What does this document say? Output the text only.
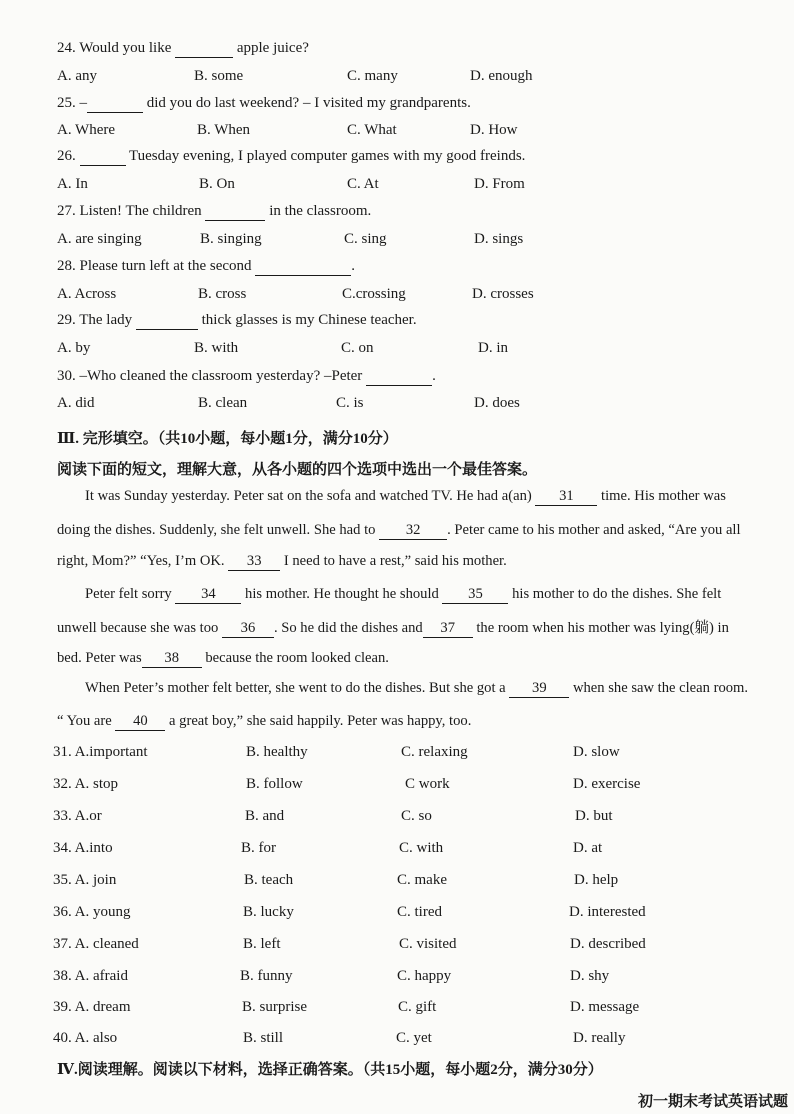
24. Would you like	apple juice?
A. any	B. some	C. many	D. enough
25. –	did you do last weekend? – I visited my grandparents.
A. Where	B. When	C. What	D. How
26.	Tuesday evening, I played computer games with my good freinds.
A. In	B. On	C. At	D. From
27. Listen! The children	in the classroom.
A. are singing	B. singing	C. sing	D. sings
28. Please turn left at the second	.
A. Across	B. cross	C.crossing	D. crosses
29. The lady	thick glasses is my Chinese teacher.
A. by	B. with	C. on	D. in
30. –Who cleaned the classroom yesterday? –Peter	.
A. did	B. clean	C. is	D. does
Ⅲ. 完形填空。（共10小题，每小题1分，满分10分）
阅读下面的短文，理解大意，从各小题的四个选项中选出一个最佳答案。
It was Sunday yesterday. Peter sat on the sofa and watched TV. He had a(an) 31 time. His mother was
doing the dishes. Suddenly, she felt unwell. She had to 32 . Peter came to his mother and asked, “Are you all
right, Mom?” “Yes, I’m OK. 33 I need to have a rest,” said his mother.
Peter felt sorry 34 his mother. He thought he should 35 his mother to do the dishes. She felt
unwell because she was too 36 . So he did the dishes and 37 the room when his mother was lying(躺) in
bed. Peter was 38 because the room looked clean.
When Peter’s mother felt better, she went to do the dishes. But she got a 39 when she saw the clean room.
“ You are 40 a great boy,” she said happily. Peter was happy, too.
31. A.important	B. healthy	C. relaxing	D. slow
32. A. stop	B. follow	C work	D. exercise
33. A.or	B. and	C. so	D. but
34. A.into	B. for	C. with	D. at
35. A. join	B. teach	C. make	D. help
36. A. young	B. lucky	C. tired	D. interested
37. A. cleaned	B. left	C. visited	D. described
38. A. afraid	B. funny	C. happy	D. shy
39. A. dream	B. surprise	C. gift	D. message
40. A. also	B. still	C. yet	D. really
Ⅳ.阅读理解。阅读以下材料，选择正确答案。（共15小题，每小题2分，满分30分）
初一期末考试英语试题
